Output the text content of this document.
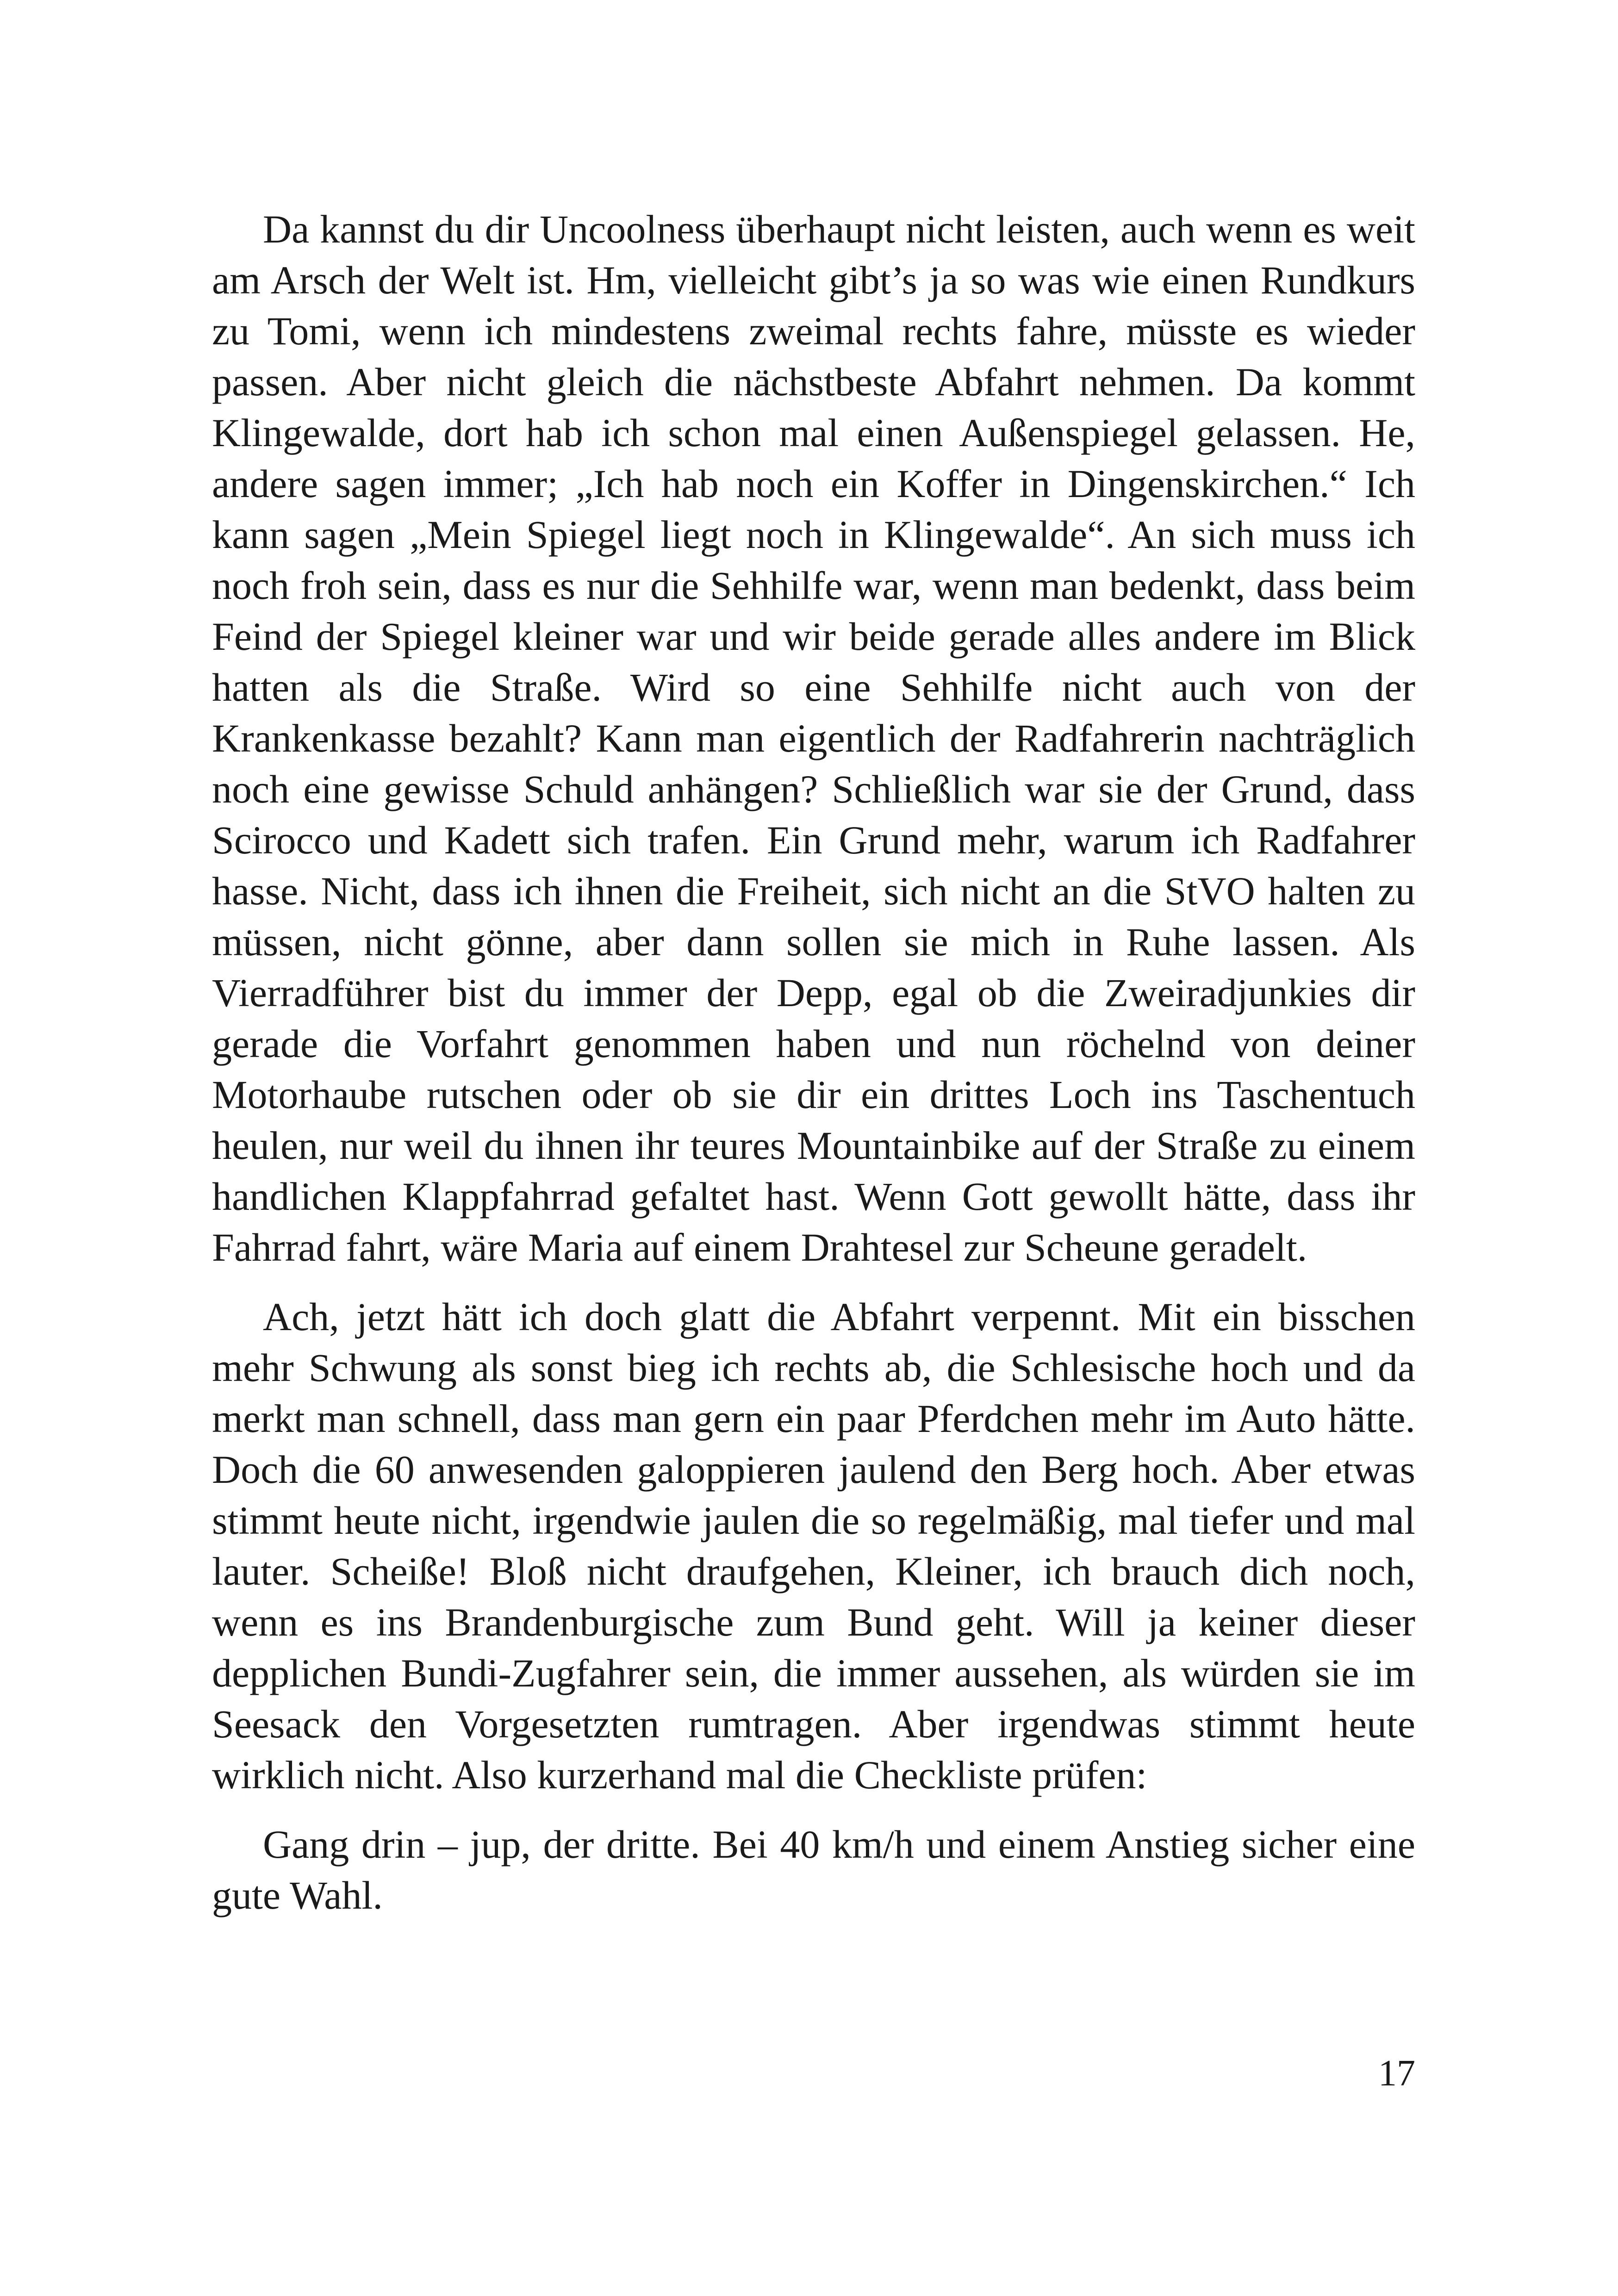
Da kannst du dir Uncoolness überhaupt nicht leisten, auch wenn es weit am Arsch der Welt ist. Hm, vielleicht gibt’s ja so was wie einen Rundkurs zu Tomi, wenn ich mindestens zweimal rechts fahre, müsste es wieder passen. Aber nicht gleich die nächstbeste Abfahrt nehmen. Da kommt Klingewalde, dort hab ich schon mal einen Außenspiegel gelassen. He, andere sagen immer; „Ich hab noch ein Koffer in Dingenskirchen.“ Ich kann sagen „Mein Spiegel liegt noch in Klingewalde“. An sich muss ich noch froh sein, dass es nur die Sehhilfe war, wenn man bedenkt, dass beim Feind der Spiegel kleiner war und wir beide gerade alles andere im Blick hatten als die Straße. Wird so eine Sehhilfe nicht auch von der Krankenkasse bezahlt? Kann man eigentlich der Radfahrerin nachträglich noch eine gewisse Schuld anhängen? Schließlich war sie der Grund, dass Scirocco und Kadett sich trafen. Ein Grund mehr, warum ich Radfahrer hasse. Nicht, dass ich ihnen die Freiheit, sich nicht an die StVO halten zu müssen, nicht gönne, aber dann sollen sie mich in Ruhe lassen. Als Vierradführer bist du immer der Depp, egal ob die Zweiradjunkies dir gerade die Vorfahrt genommen haben und nun röchelnd von deiner Motorhaube rutschen oder ob sie dir ein drittes Loch ins Taschentuch heulen, nur weil du ihnen ihr teures Mountainbike auf der Straße zu einem handlichen Klappfahrrad gefaltet hast. Wenn Gott gewollt hätte, dass ihr Fahrrad fahrt, wäre Maria auf einem Drahtesel zur Scheune geradelt.

Ach, jetzt hätt ich doch glatt die Abfahrt verpennt. Mit ein bisschen mehr Schwung als sonst bieg ich rechts ab, die Schlesische hoch und da merkt man schnell, dass man gern ein paar Pferdchen mehr im Auto hätte. Doch die 60 anwesenden galoppieren jaulend den Berg hoch. Aber etwas stimmt heute nicht, irgendwie jaulen die so regelmäßig, mal tiefer und mal lauter. Scheiße! Bloß nicht draufgehen, Kleiner, ich brauch dich noch, wenn es ins Brandenburgische zum Bund geht. Will ja keiner dieser depplichen Bundi-Zugfahrer sein, die immer aussehen, als würden sie im Seesack den Vorgesetzten rumtragen. Aber irgendwas stimmt heute wirklich nicht. Also kurzerhand mal die Checkliste prüfen:

Gang drin – jup, der dritte. Bei 40 km/h und einem Anstieg sicher eine gute Wahl.

17
